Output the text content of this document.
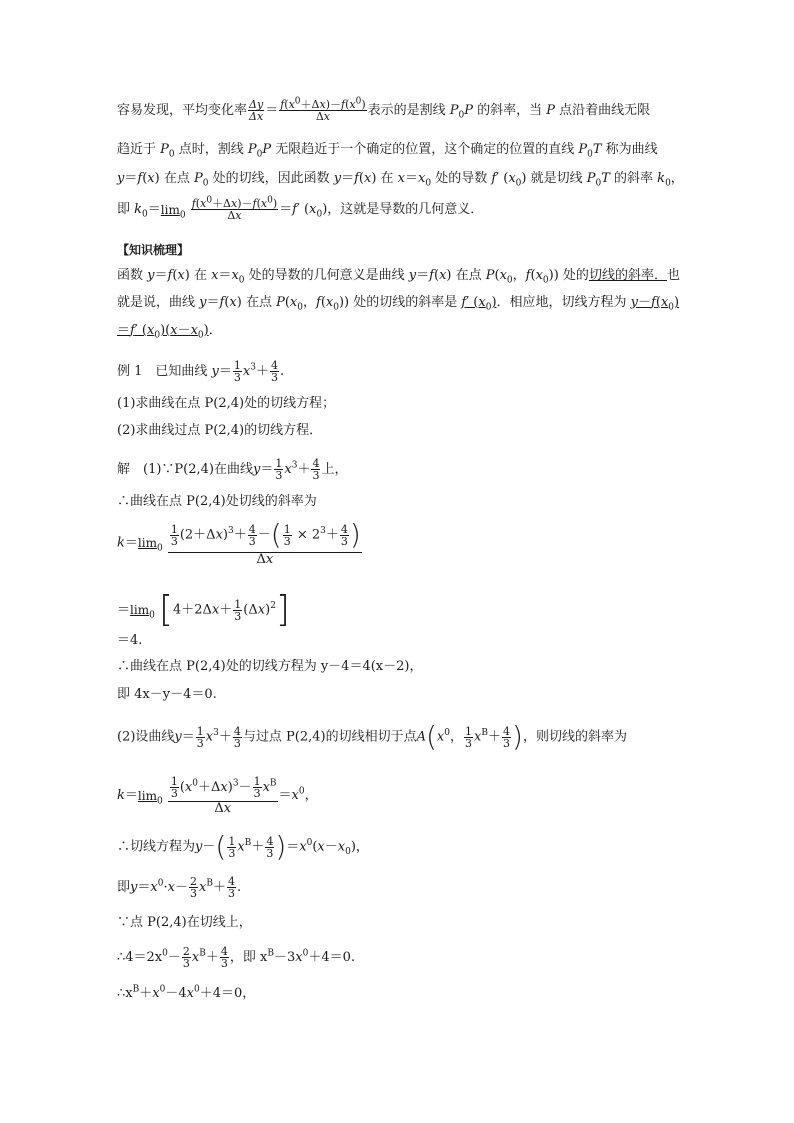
容易发现，平均变化率 $\frac{\Delta y}{\Delta x} = \frac{f(x^0+\Delta x)-f(x^0)}{\Delta x}$ 表示的是割线 $P_0P$ 的斜率，当 P 点沿着曲线无限
趋近于 $P_0$ 点时，割线 $P_0P$ 无限趋近于一个确定的位置，这个确定的位置的直线 $P_0T$ 称为曲线
y＝f(x) 在点 $P_0$ 处的切线，因此函数 y＝f(x) 在 $x=x_0$ 处的导数 f′ $(x_0)$ 就是切线 $P_0T$ 的斜率 $k_0$，
即 $k_0=\lim_0 \frac{f(x^0+\Delta x)-f(x^0)}{\Delta x} =f'$ $(x_0)$，这就是导数的几何意义．
【知识梳理】
函数 y＝f(x) 在 $x=x_0$ 处的导数的几何意义是曲线 y＝f(x) 在点 $P(x_0$，$f(x_0)$) 处的切线的斜率．也
就是说，曲线 y＝f(x) 在点 $P(x_0$，$f(x_0)$) 处的切线的斜率是 f′ $(x_0)$．相应地，切线方程为 $y-f(x_0)$
＝f′ $(x_0)(x-x_0)$．
例 1　已知曲线 $y= \frac{1}{3} x^3+ \frac{4}{3}$ .
(1)求曲线在点 P(2,4)处的切线方程；
(2)求曲线过点 P(2,4)的切线方程．
解　(1)∵P(2,4)在曲线$y= \frac{1}{3} x^3+ \frac{4}{3}$ 上，
∴曲线在点 P(2,4)处切线的斜率为
$k=\lim_0 \frac{\frac{1}{3} (2+\Delta x)^3+ \frac{4}{3} -( \frac{1}{3} \times 2^3+ \frac{4}{3} )}{\Delta x}$
$=\lim_0$ $[4+2\Delta x+ \frac{1}{3} (\Delta x)^2]$
＝4.
∴曲线在点 P(2,4)处的切线方程为 y－4＝4(x－2)，
即 4x－y－4＝0.
(2)设曲线$y= \frac{1}{3} x^3+ \frac{4}{3}$ 与过点 P(2,4)的切线相切于点$A(x^0$， $\frac{1}{3} x^B+ \frac{4}{3}$ )，则切线的斜率为
$k=\lim_0 \frac{\frac{1}{3} (x^0+\Delta x)^3- \frac{1}{3} x^B}{\Delta x} =x^0$，
∴切线方程为$y-( \frac{1}{3} x^B+ \frac{4}{3} )=x^0(x-x_0)$，
即$y=x^0\cdot x- \frac{2}{3} x^B+ \frac{4}{3}$ .
∵点 P(2,4)在切线上，
$\therefore 4=2x^0- \frac{2}{3} x^B+ \frac{4}{3}$ ，即 $x^B-3x^0+4=0$.
$\therefore x^B+x^0-4x^0+4=0$，
